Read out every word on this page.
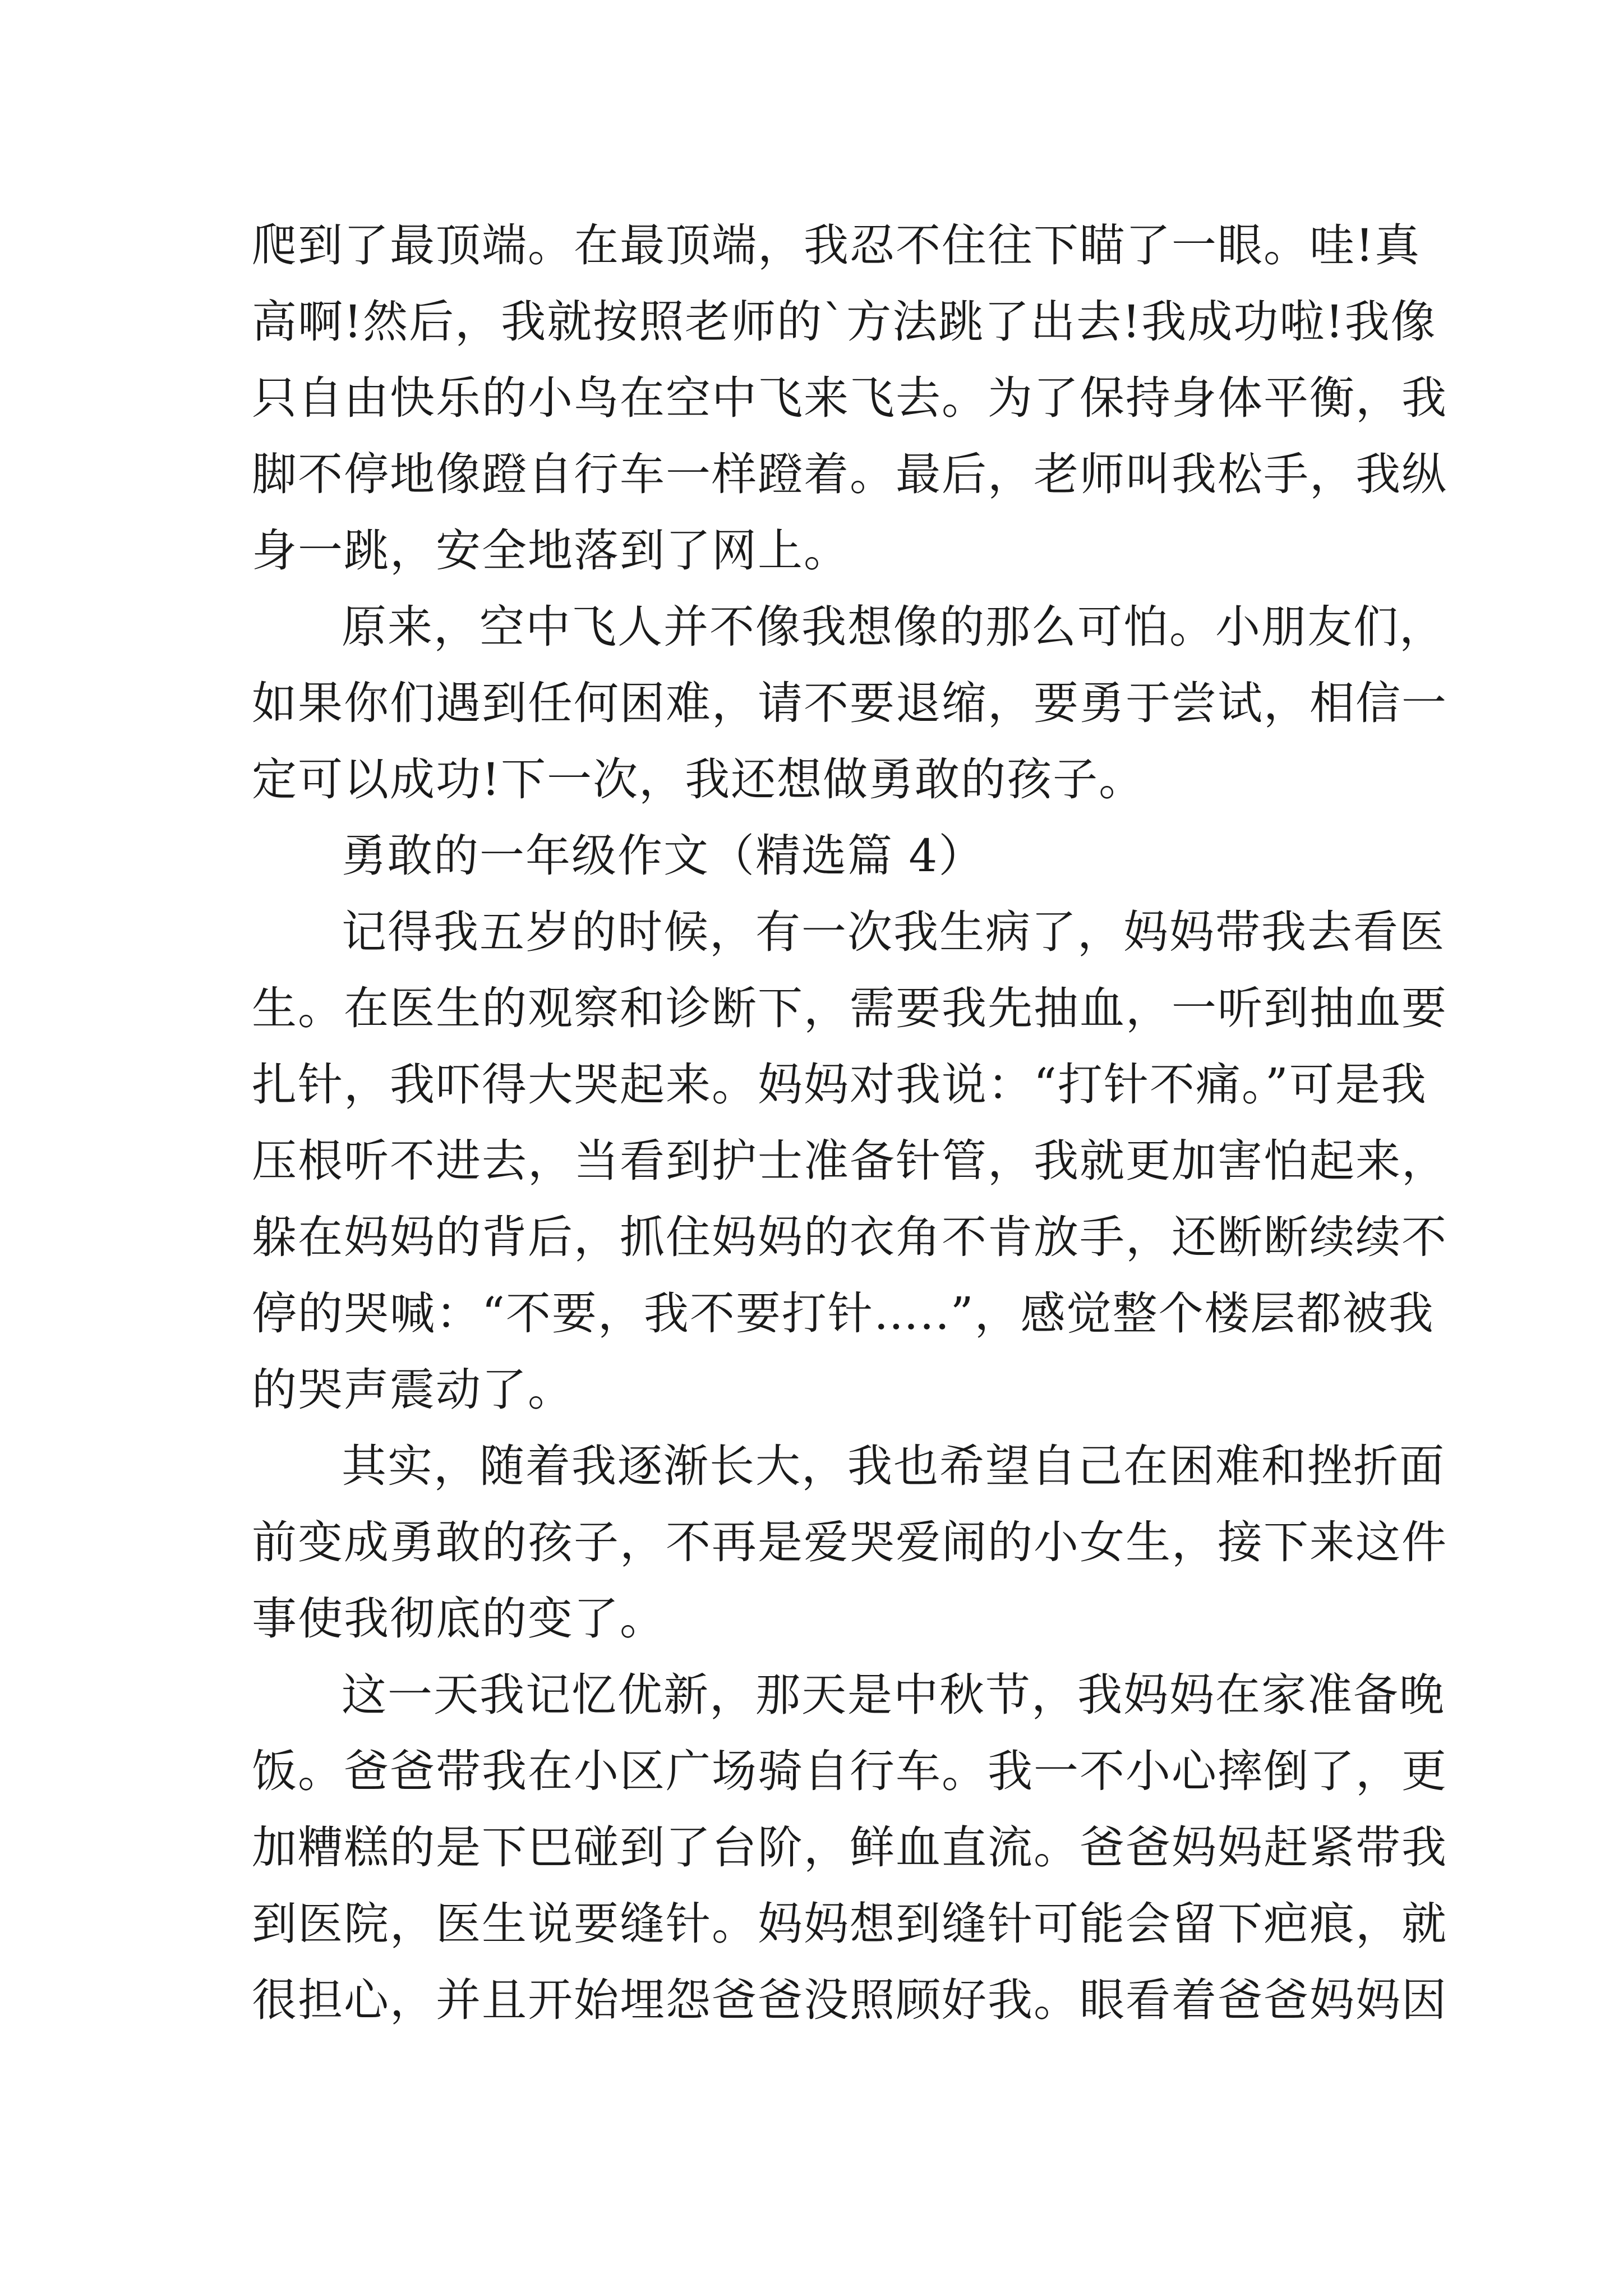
爬到了最顶端。在最顶端，我忍不住往下瞄了一眼。哇!真
高啊!然后，我就按照老师的`方法跳了出去!我成功啦!我像
只自由快乐的小鸟在空中飞来飞去。为了保持身体平衡，我
脚不停地像蹬自行车一样蹬着。最后，老师叫我松手，我纵
身一跳，安全地落到了网上。
原来，空中飞人并不像我想像的那么可怕。小朋友们，
如果你们遇到任何困难，请不要退缩，要勇于尝试，相信一
定可以成功!下一次，我还想做勇敢的孩子。
勇敢的一年级作文（精选篇 4）
记得我五岁的时候，有一次我生病了，妈妈带我去看医
生。在医生的观察和诊断下，需要我先抽血，一听到抽血要
扎针，我吓得大哭起来。妈妈对我说：“打针不痛。”可是我
压根听不进去，当看到护士准备针管，我就更加害怕起来，
躲在妈妈的背后，抓住妈妈的衣角不肯放手，还断断续续不
停的哭喊：“不要，我不要打针…..”，感觉整个楼层都被我
的哭声震动了。
其实，随着我逐渐长大，我也希望自己在困难和挫折面
前变成勇敢的孩子，不再是爱哭爱闹的小女生，接下来这件
事使我彻底的变了。
这一天我记忆优新，那天是中秋节，我妈妈在家准备晚
饭。爸爸带我在小区广场骑自行车。我一不小心摔倒了，更
加糟糕的是下巴碰到了台阶，鲜血直流。爸爸妈妈赶紧带我
到医院，医生说要缝针。妈妈想到缝针可能会留下疤痕，就
很担心，并且开始埋怨爸爸没照顾好我。眼看着爸爸妈妈因
